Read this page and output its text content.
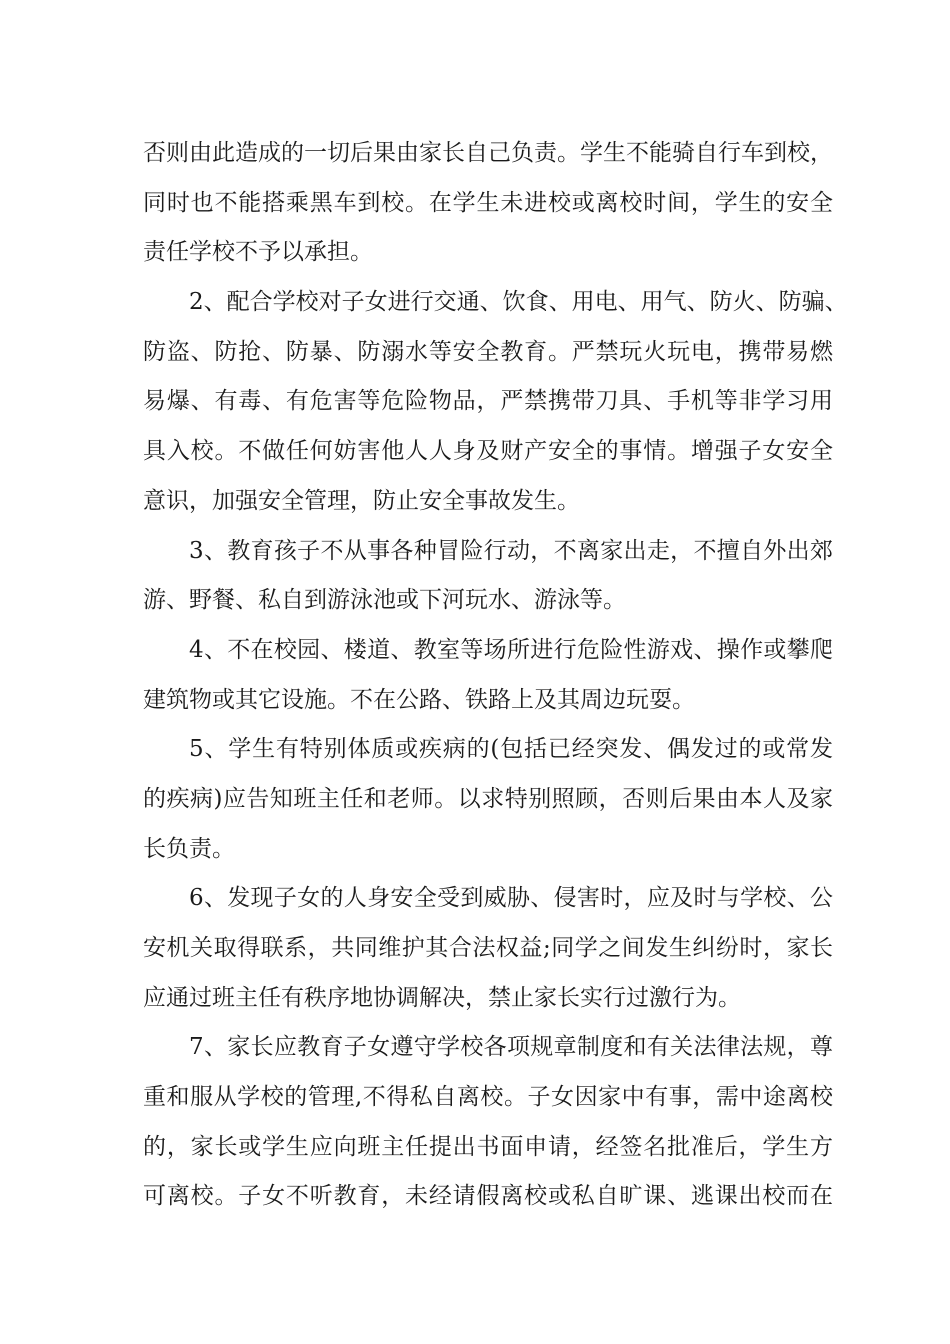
否则由此造成的一切后果由家长自己负责。学生不能骑自行车到校，
同时也不能搭乘黑车到校。在学生未进校或离校时间，学生的安全
责任学校不予以承担。
2、配合学校对子女进行交通、饮食、用电、用气、防火、防骗、
防盗、防抢、防暴、防溺水等安全教育。严禁玩火玩电，携带易燃
易爆、有毒、有危害等危险物品，严禁携带刀具、手机等非学习用
具入校。不做任何妨害他人人身及财产安全的事情。增强子女安全
意识，加强安全管理，防止安全事故发生。
3、教育孩子不从事各种冒险行动，不离家出走，不擅自外出郊
游、野餐、私自到游泳池或下河玩水、游泳等。
4、不在校园、楼道、教室等场所进行危险性游戏、操作或攀爬
建筑物或其它设施。不在公路、铁路上及其周边玩耍。
5、学生有特别体质或疾病的(包括已经突发、偶发过的或常发
的疾病)应告知班主任和老师。以求特别照顾，否则后果由本人及家
长负责。
6、发现子女的人身安全受到威胁、侵害时，应及时与学校、公
安机关取得联系，共同维护其合法权益;同学之间发生纠纷时，家长
应通过班主任有秩序地协调解决，禁止家长实行过激行为。
7、家长应教育子女遵守学校各项规章制度和有关法律法规，尊
重和服从学校的管理,不得私自离校。子女因家中有事，需中途离校
的，家长或学生应向班主任提出书面申请，经签名批准后，学生方
可离校。子女不听教育，未经请假离校或私自旷课、逃课出校而在
